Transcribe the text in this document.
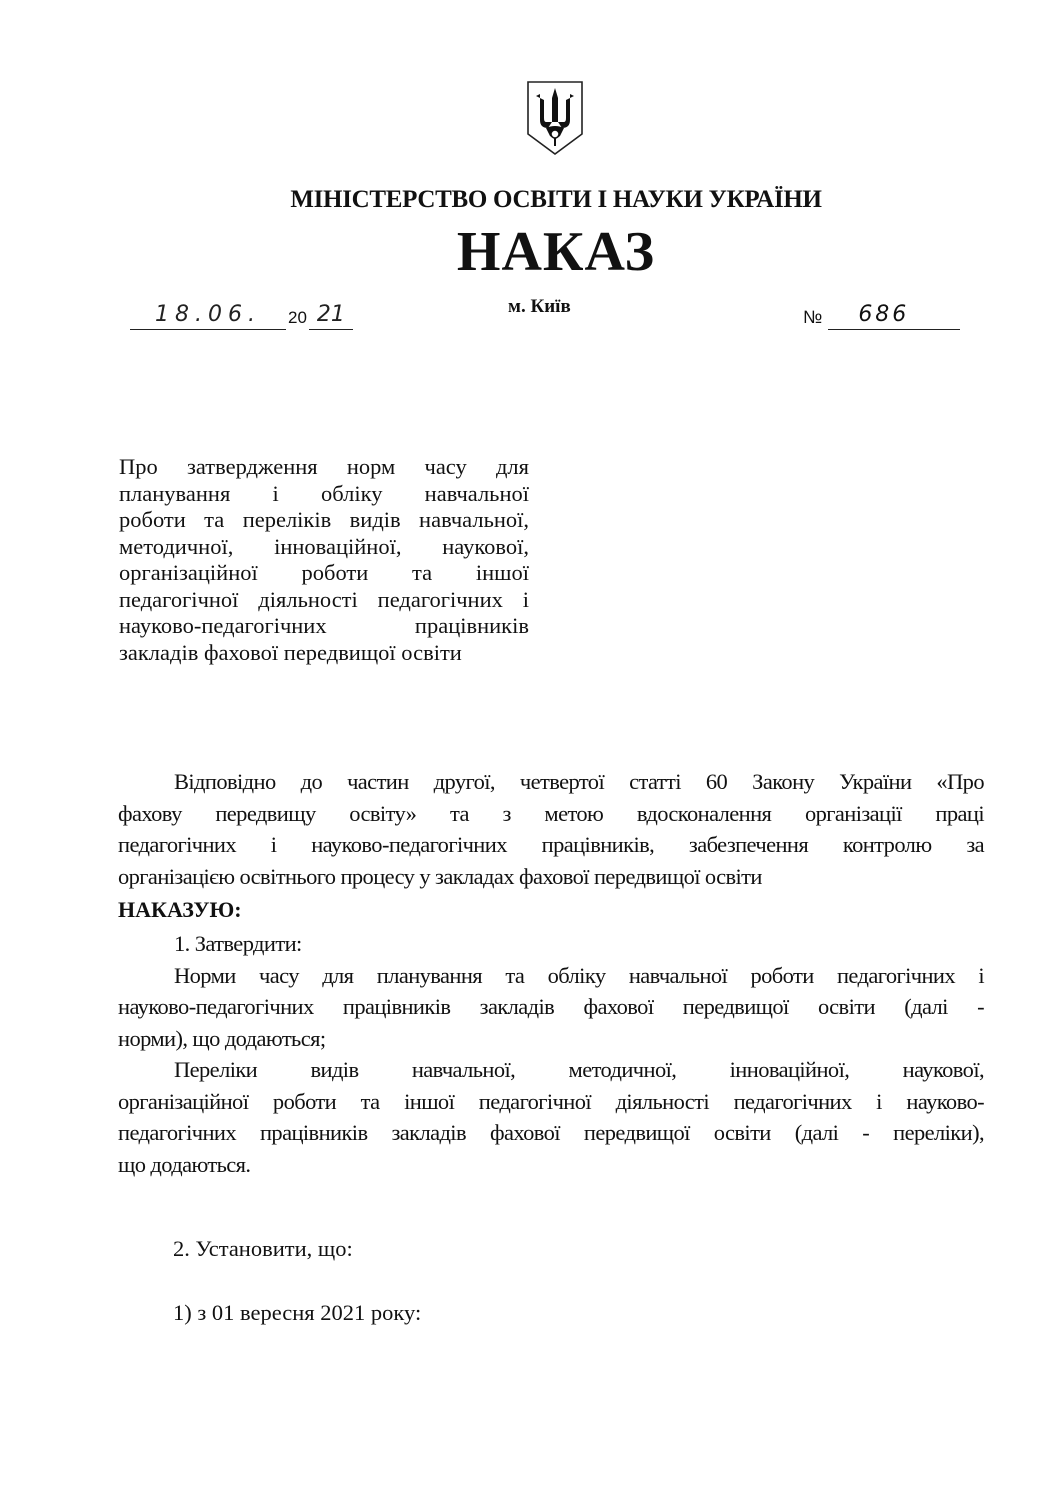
МІНІСТЕРСТВО ОСВІТИ І НАУКИ УКРАЇНИ
НАКАЗ
18.06.	20 21	м. Київ	№	686
Про затвердження норм часу для
планування і обліку навчальної
роботи та переліків видів навчальної,
методичної, інноваційної, наукової,
організаційної роботи та іншої
педагогічної діяльності педагогічних і
науково-педагогічних працівників
закладів фахової передвищої освіти
Відповідно до частин другої, четвертої статті 60 Закону України «Про
фахову передвищу освіту» та з метою вдосконалення організації праці
педагогічних і науково-педагогічних працівників, забезпечення контролю за
організацією освітнього процесу у закладах фахової передвищої освіти
НАКАЗУЮ:
1. Затвердити:
Норми часу для планування та обліку навчальної роботи педагогічних і
науково-педагогічних працівників закладів фахової передвищої освіти (далі -
норми), що додаються;
Переліки видів навчальної, методичної, інноваційної, наукової,
організаційної роботи та іншої педагогічної діяльності педагогічних і науково-
педагогічних працівників закладів фахової передвищої освіти (далі - переліки),
що додаються.
2. Установити, що:
1) з 01 вересня 2021 року:
